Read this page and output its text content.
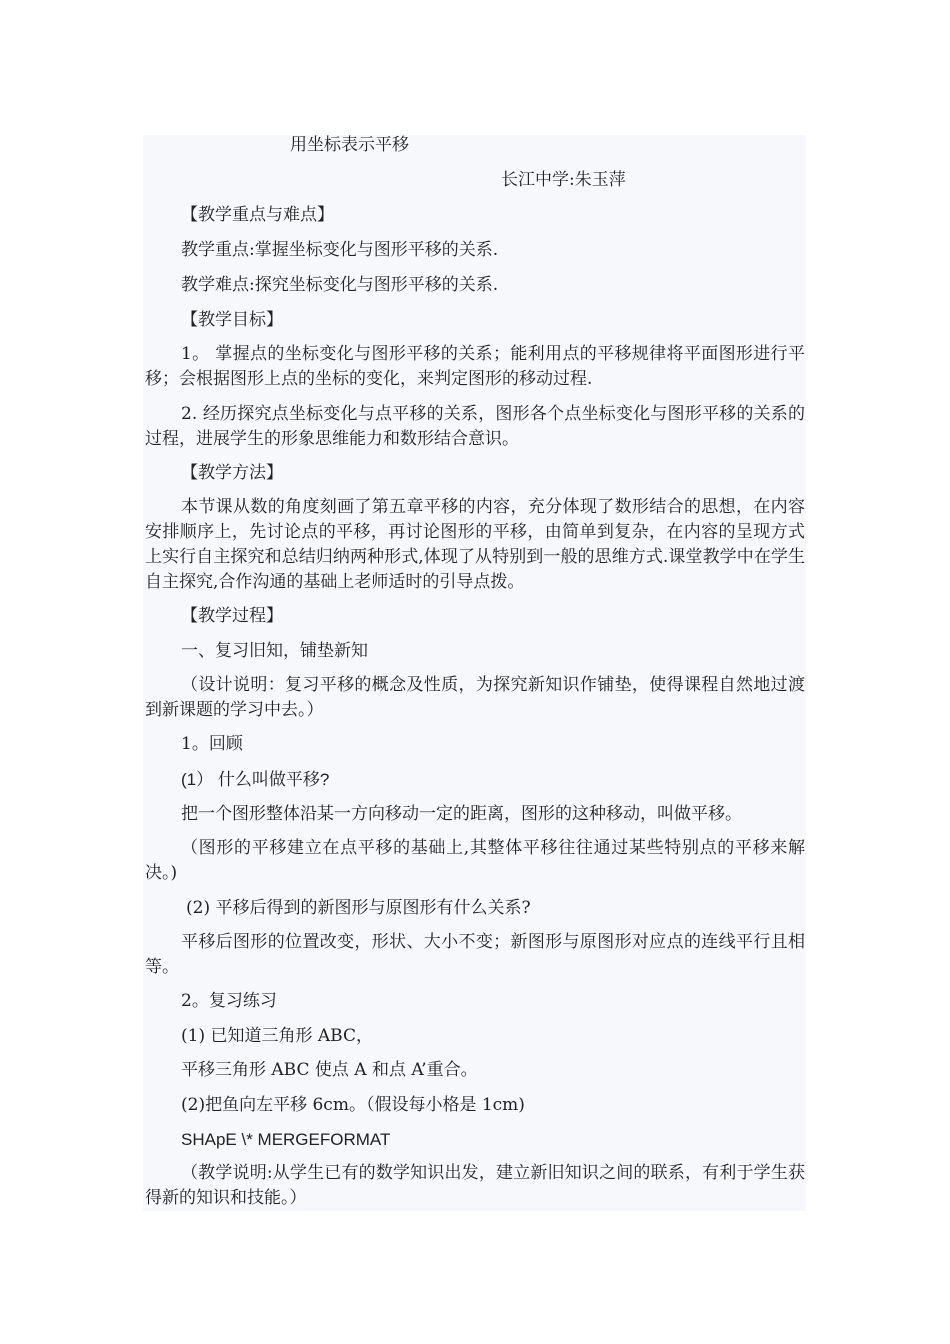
用坐标表示平移
长江中学:朱玉萍
【教学重点与难点】
教学重点:掌握坐标变化与图形平移的关系.
教学难点:探究坐标变化与图形平移的关系.
【教学目标】
1。 掌握点的坐标变化与图形平移的关系；能利用点的平移规律将平面图形进行平移；会根据图形上点的坐标的变化，来判定图形的移动过程.
2. 经历探究点坐标变化与点平移的关系，图形各个点坐标变化与图形平移的关系的过程，进展学生的形象思维能力和数形结合意识。
【教学方法】
本节课从数的角度刻画了第五章平移的内容，充分体现了数形结合的思想，在内容安排顺序上，先讨论点的平移，再讨论图形的平移，由简单到复杂，在内容的呈现方式上实行自主探究和总结归纳两种形式,体现了从特别到一般的思维方式.课堂教学中在学生自主探究,合作沟通的基础上老师适时的引导点拨。
【教学过程】
一、复习旧知，铺垫新知
（设计说明：复习平移的概念及性质，为探究新知识作铺垫，使得课程自然地过渡到新课题的学习中去。）
1。回顾
(1） 什么叫做平移?
把一个图形整体沿某一方向移动一定的距离，图形的这种移动，叫做平移。
（图形的平移建立在点平移的基础上,其整体平移往往通过某些特别点的平移来解决。)
(2) 平移后得到的新图形与原图形有什么关系?
平移后图形的位置改变，形状、大小不变；新图形与原图形对应点的连线平行且相等。
2。复习练习
(1) 已知道三角形 ABC，
平移三角形 ABC 使点 A 和点 A’重合。
(2)把鱼向左平移 6cm。（假设每小格是 1cm)
SHApE \* MERGEFORMAT
（教学说明:从学生已有的数学知识出发，建立新旧知识之间的联系，有利于学生获得新的知识和技能。）
